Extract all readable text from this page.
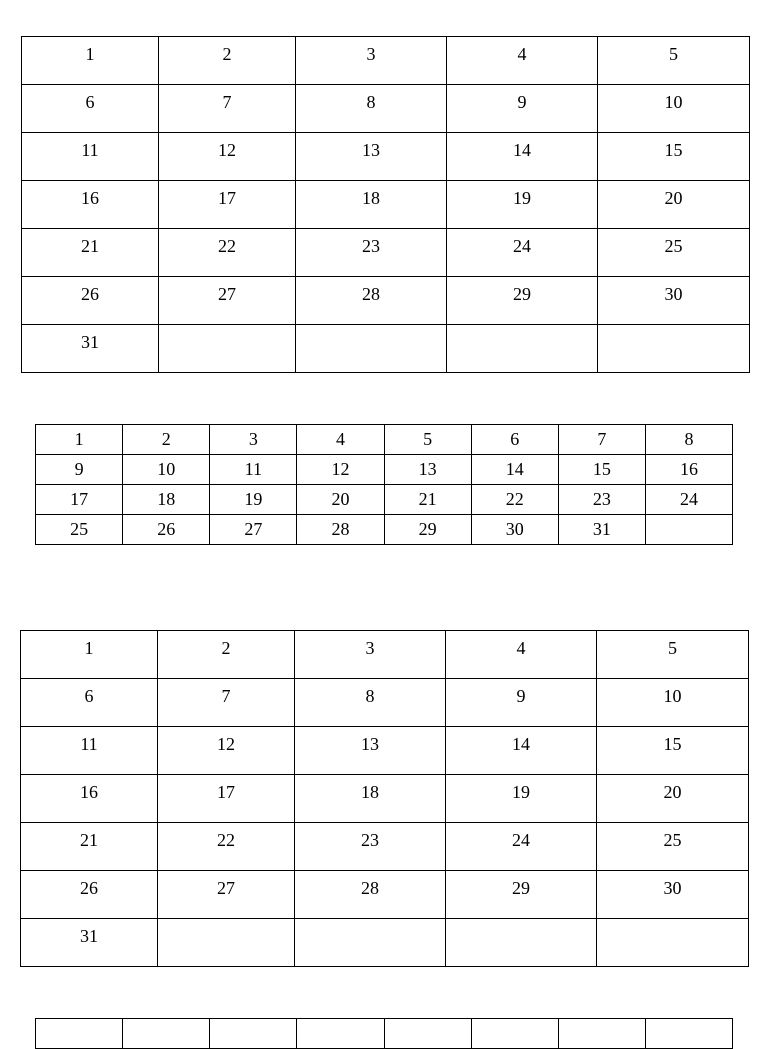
1	2	3	4	5
6	7	8	9	10
11	12	13	14	15
16	17	18	19	20
21	22	23	24	25
26	27	28	29	30
31				
1	2	3	4	5	6	7	8
9	10	11	12	13	14	15	16
17	18	19	20	21	22	23	24
25	26	27	28	29	30	31	
1	2	3	4	5
6	7	8	9	10
11	12	13	14	15
16	17	18	19	20
21	22	23	24	25
26	27	28	29	30
31				
